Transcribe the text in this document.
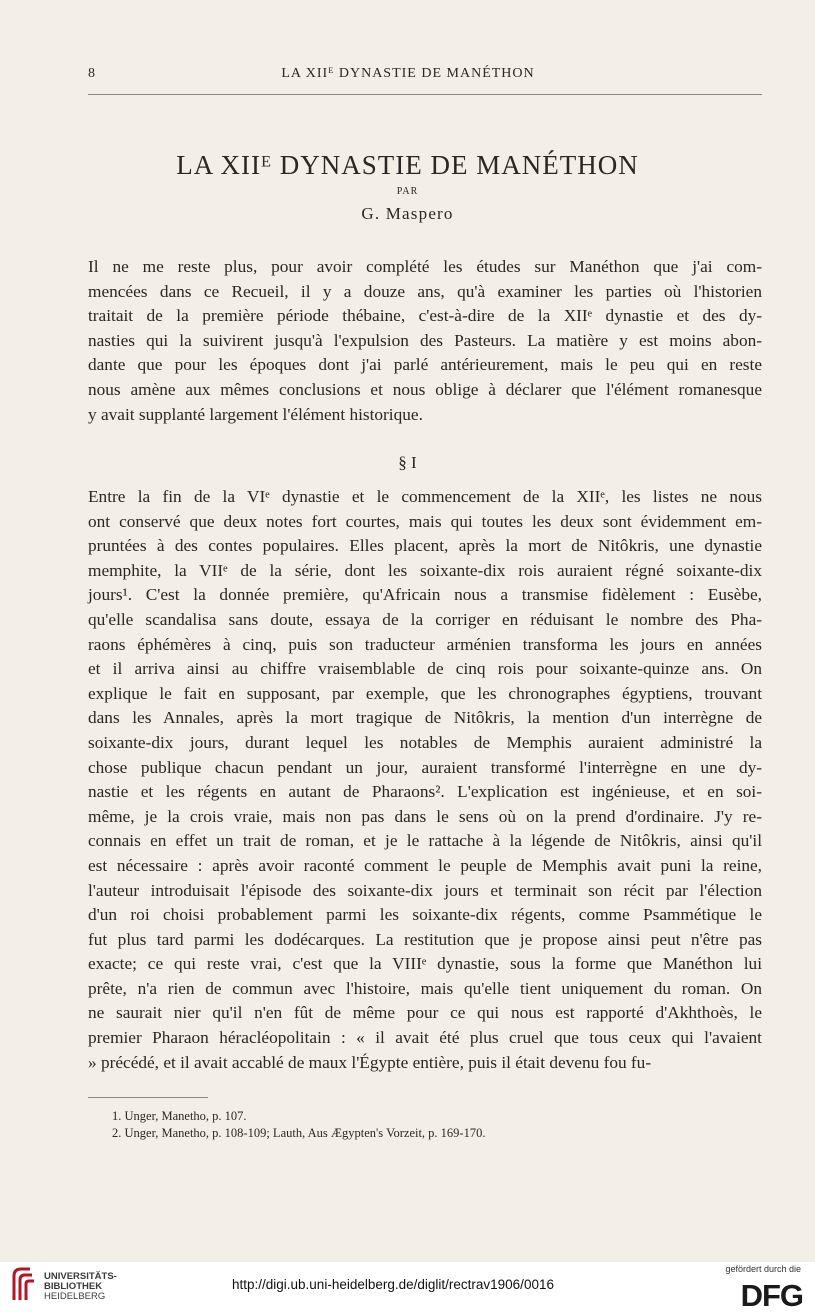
8	LA XIIᴱ DYNASTIE DE MANÉTHON
LA XIIᴱ DYNASTIE DE MANÉTHON
PAR
G. Maspero
Il ne me reste plus, pour avoir complété les études sur Manéthon que j'ai com-
mencées dans ce Recueil, il y a douze ans, qu'à examiner les parties où l'historien
traitait de la première période thébaine, c'est-à-dire de la XIIᵉ dynastie et des dy-
nasties qui la suivirent jusqu'à l'expulsion des Pasteurs. La matière y est moins abon-
dante que pour les époques dont j'ai parlé antérieurement, mais le peu qui en reste
nous amène aux mêmes conclusions et nous oblige à déclarer que l'élément romanesque
y avait supplanté largement l'élément historique.
§ I
Entre la fin de la VIᵉ dynastie et le commencement de la XIIᵉ, les listes ne nous
ont conservé que deux notes fort courtes, mais qui toutes les deux sont évidemment em-
pruntées à des contes populaires. Elles placent, après la mort de Nitôkris, une dynastie
memphite, la VIIᵉ de la série, dont les soixante-dix rois auraient régné soixante-dix
jours¹. C'est la donnée première, qu'Africain nous a transmise fidèlement : Eusèbe,
qu'elle scandalisa sans doute, essaya de la corriger en réduisant le nombre des Pha-
raons éphémères à cinq, puis son traducteur arménien transforma les jours en années
et il arriva ainsi au chiffre vraisemblable de cinq rois pour soixante-quinze ans. On
explique le fait en supposant, par exemple, que les chronographes égyptiens, trouvant
dans les Annales, après la mort tragique de Nitôkris, la mention d'un interrègne de
soixante-dix jours, durant lequel les notables de Memphis auraient administré la
chose publique chacun pendant un jour, auraient transformé l'interrègne en une dy-
nastie et les régents en autant de Pharaons². L'explication est ingénieuse, et en soi-
même, je la crois vraie, mais non pas dans le sens où on la prend d'ordinaire. J'y re-
connais en effet un trait de roman, et je le rattache à la légende de Nitôkris, ainsi qu'il
est nécessaire : après avoir raconté comment le peuple de Memphis avait puni la reine,
l'auteur introduisait l'épisode des soixante-dix jours et terminait son récit par l'élection
d'un roi choisi probablement parmi les soixante-dix régents, comme Psammétique le
fut plus tard parmi les dodécarques. La restitution que je propose ainsi peut n'être pas
exacte; ce qui reste vrai, c'est que la VIIIᵉ dynastie, sous la forme que Manéthon lui
prête, n'a rien de commun avec l'histoire, mais qu'elle tient uniquement du roman. On
ne saurait nier qu'il n'en fût de même pour ce qui nous est rapporté d'Akhthoès, le
premier Pharaon héracléopolitain : « il avait été plus cruel que tous ceux qui l'avaient
» précédé, et il avait accablé de maux l'Égypte entière, puis il était devenu fou fu-
1. Unger, Manetho, p. 107.
2. Unger, Manetho, p. 108-109; Lauth, Aus Ægypten's Vorzeit, p. 169-170.
UNIVERSITÄTS-
BIBLIOTHEK
HEIDELBERG
http://digi.ub.uni-heidelberg.de/diglit/rectrav1906/0016
gefördert durch die
DFG
